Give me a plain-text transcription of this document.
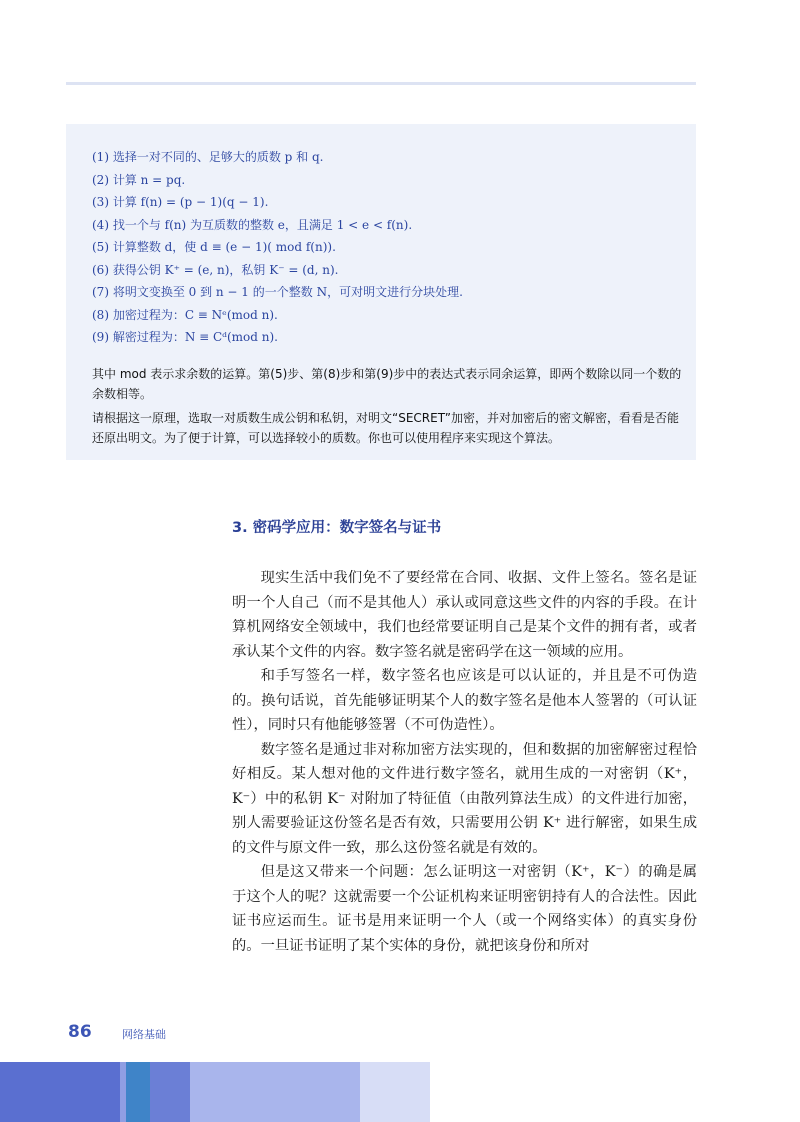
(1) 选择一对不同的、足够大的质数 p 和 q.
(2) 计算 n = pq.
(3) 计算 f(n) = (p − 1)(q − 1).
(4) 找一个与 f(n) 为互质数的整数 e，且满足 1 < e < f(n).
(5) 计算整数 d，使 d ≡ (e − 1)( mod f(n)).
(6) 获得公钥 K⁺ = (e, n)，私钥 K⁻ = (d, n).
(7) 将明文变换至 0 到 n − 1 的一个整数 N，可对明文进行分块处理.
(8) 加密过程为：C ≡ Nᵉ(mod n).
(9) 解密过程为：N ≡ Cᵈ(mod n).

其中 mod 表示求余数的运算。第(5)步、第(8)步和第(9)步中的表达式表示同余运算，即两个数除以同一个数的余数相等。

请根据这一原理，选取一对质数生成公钥和私钥，对明文“SECRET”加密，并对加密后的密文解密，看看是否能还原出明文。为了便于计算，可以选择较小的质数。你也可以使用程序来实现这个算法。

3. 密码学应用：数字签名与证书

现实生活中我们免不了要经常在合同、收据、文件上签名。签名是证明一个人自己（而不是其他人）承认或同意这些文件的内容的手段。在计算机网络安全领域中，我们也经常要证明自己是某个文件的拥有者，或者承认某个文件的内容。数字签名就是密码学在这一领域的应用。

和手写签名一样，数字签名也应该是可以认证的，并且是不可伪造的。换句话说，首先能够证明某个人的数字签名是他本人签署的（可认证性），同时只有他能够签署（不可伪造性）。

数字签名是通过非对称加密方法实现的，但和数据的加密解密过程恰好相反。某人想对他的文件进行数字签名，就用生成的一对密钥（K⁺，K⁻）中的私钥 K⁻ 对附加了特征值（由散列算法生成）的文件进行加密，别人需要验证这份签名是否有效，只需要用公钥 K⁺ 进行解密，如果生成的文件与原文件一致，那么这份签名就是有效的。

但是这又带来一个问题：怎么证明这一对密钥（K⁺，K⁻）的确是属于这个人的呢？这就需要一个公证机构来证明密钥持有人的合法性。因此证书应运而生。证书是用来证明一个人（或一个网络实体）的真实身份的。一旦证书证明了某个实体的身份，就把该身份和所对

86	网络基础
